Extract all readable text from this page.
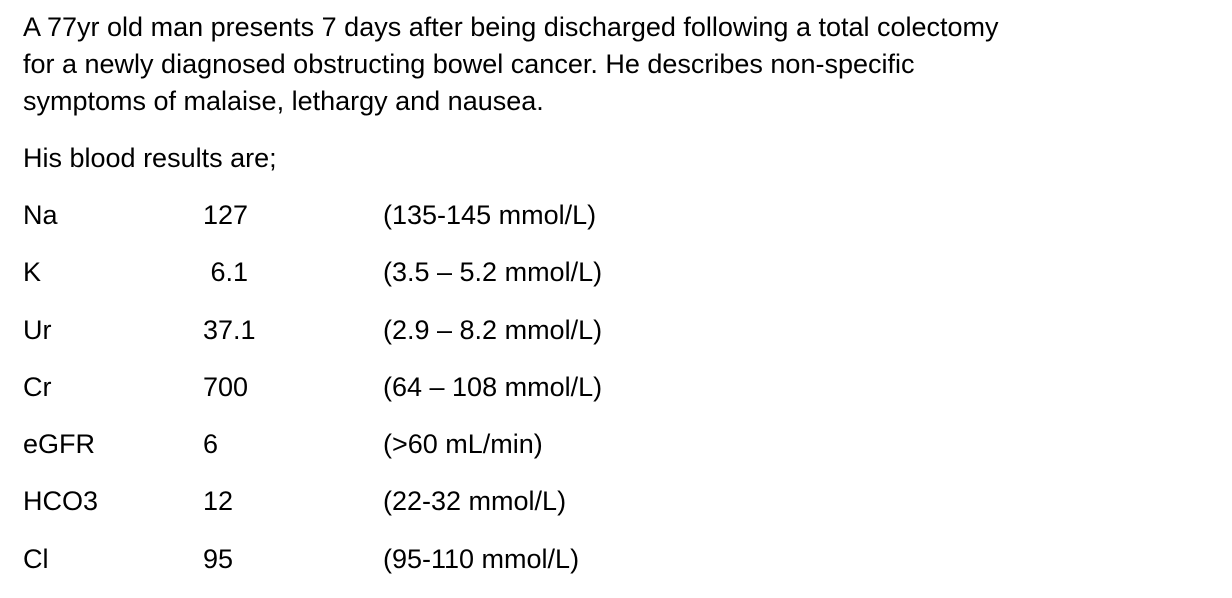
A 77yr old man presents 7 days after being discharged following a total colectomy
for a newly diagnosed obstructing bowel cancer. He describes non-specific
symptoms of malaise, lethargy and nausea.

His blood results are;

Na	127	(135-145 mmol/L)
K	6.1	(3.5 – 5.2 mmol/L)
Ur	37.1	(2.9 – 8.2 mmol/L)
Cr	700	(64 – 108 mmol/L)
eGFR	6	(>60 mL/min)
HCO3	12	(22-32 mmol/L)
Cl	95	(95-110 mmol/L)
